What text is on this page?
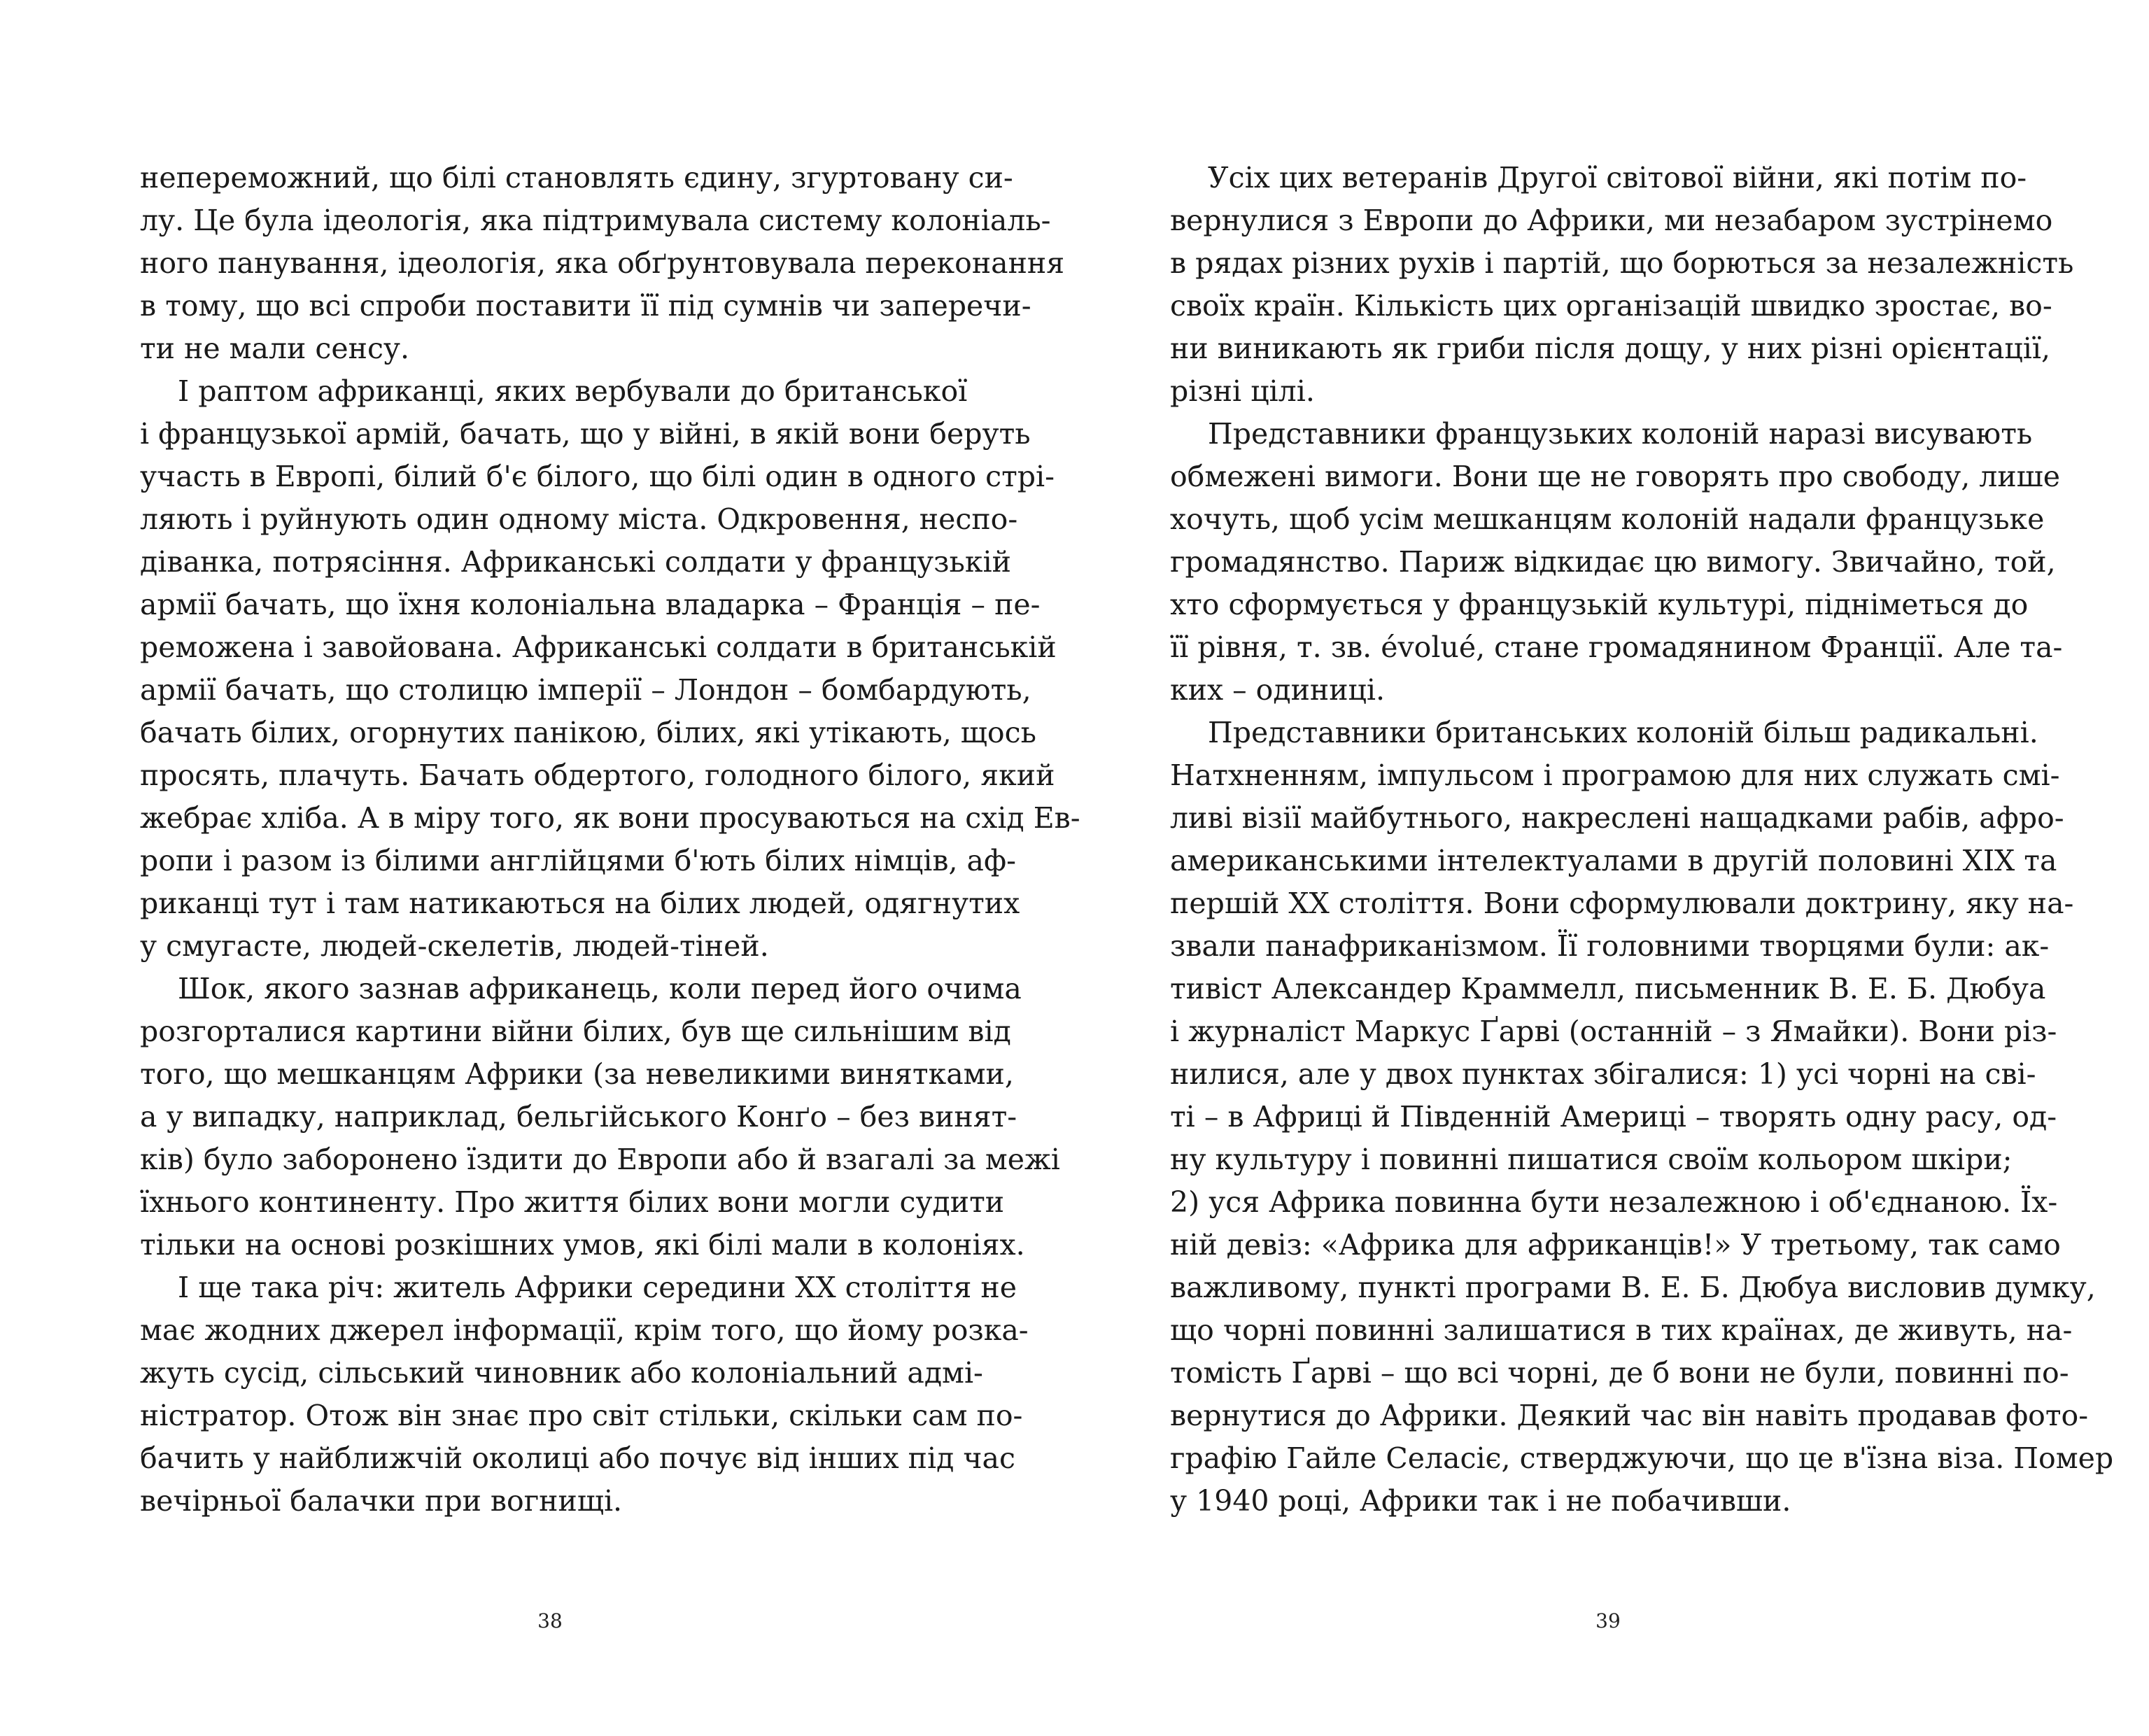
непереможний, що білі становлять єдину, згуртовану си-
лу. Це була ідеологія, яка підтримувала систему колоніаль-
ного панування, ідеологія, яка обґрунтовувала переконання
в тому, що всі спроби поставити її під сумнів чи заперечи-
ти не мали сенсу.

І раптом африканці, яких вербували до британської
і французької армій, бачать, що у війні, в якій вони беруть
участь в Европі, білий б'є білого, що білі один в одного стрі-
ляють і руйнують один одному міста. Одкровення, неспо-
діванка, потрясіння. Африканські солдати у французькій
армії бачать, що їхня колоніальна владарка – Франція – пе-
реможена і завойована. Африканські солдати в британській
армії бачать, що столицю імперії – Лондон – бомбардують,
бачать білих, огорнутих панікою, білих, які утікають, щось
просять, плачуть. Бачать обдертого, голодного білого, який
жебрає хліба. А в міру того, як вони просуваються на схід Ев-
ропи і разом із білими англійцями б'ють білих німців, аф-
риканці тут і там натикаються на білих людей, одягнутих
у смугасте, людей-скелетів, людей-тіней.

Шок, якого зазнав африканець, коли перед його очима
розгорталися картини війни білих, був ще сильнішим від
того, що мешканцям Африки (за невеликими винятками,
а у випадку, наприклад, бельгійського Конґо – без винят-
ків) було заборонено їздити до Европи або й взагалі за межі
їхнього континенту. Про життя білих вони могли судити
тільки на основі розкішних умов, які білі мали в колоніях.

І ще така річ: житель Африки середини XX століття не
має жодних джерел інформації, крім того, що йому розка-
жуть сусід, сільський чиновник або колоніальний адмі-
ністратор. Отож він знає про світ стільки, скільки сам по-
бачить у найближчій околиці або почує від інших під час
вечірньої балачки при вогнищі.

38

Усіх цих ветеранів Другої світової війни, які потім по-
вернулися з Европи до Африки, ми незабаром зустрінемо
в рядах різних рухів і партій, що борються за незалежність
своїх країн. Кількість цих організацій швидко зростає, во-
ни виникають як гриби після дощу, у них різні орієнтації,
різні цілі.

Представники французьких колоній наразі висувають
обмежені вимоги. Вони ще не говорять про свободу, лише
хочуть, щоб усім мешканцям колоній надали французьке
громадянство. Париж відкидає цю вимогу. Звичайно, той,
хто сформується у французькій культурі, підніметься до
її рівня, т. зв. évolué, стане громадянином Франції. Але та-
ких – одиниці.

Представники британських колоній більш радикальні.
Натхненням, імпульсом і програмою для них служать смі-
ливі візії майбутнього, накреслені нащадками рабів, афро-
американськими інтелектуалами в другій половині XIX та
першій XX століття. Вони сформулювали доктрину, яку на-
звали панафриканізмом. Її головними творцями були: ак-
тивіст Александер Краммелл, письменник В. Е. Б. Дюбуа
і журналіст Маркус Ґарві (останній – з Ямайки). Вони різ-
нилися, але у двох пунктах збігалися: 1) усі чорні на сві-
ті – в Африці й Південній Америці – творять одну расу, од-
ну культуру і повинні пишатися своїм кольором шкіри;
2) уся Африка повинна бути незалежною і об'єднаною. Їх-
ній девіз: «Африка для африканців!» У третьому, так само
важливому, пункті програми В. Е. Б. Дюбуа висловив думку,
що чорні повинні залишатися в тих країнах, де живуть, на-
томість Ґарві – що всі чорні, де б вони не були, повинні по-
вернутися до Африки. Деякий час він навіть продавав фото-
графію Гайле Селасіє, стверджуючи, що це в'їзна віза. Помер
у 1940 році, Африки так і не побачивши.

39
